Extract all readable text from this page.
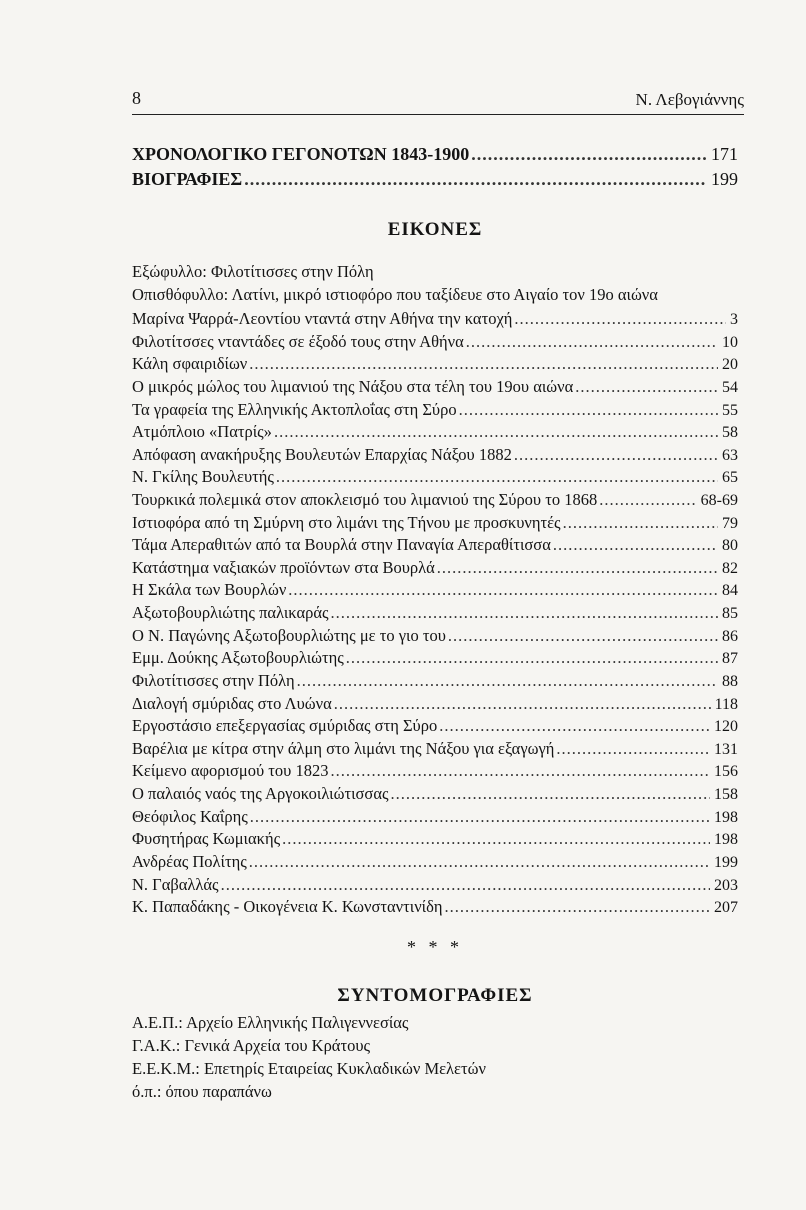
8	Ν. Λεβογιάννης
ΧΡΟΝΟΛΟΓΙΚΟ ΓΕΓΟΝΟΤΩΝ 1843-1900 .....	171
ΒΙΟΓΡΑΦΙΕΣ .....	199
ΕΙΚΟΝΕΣ
Εξώφυλλο: Φιλοτίτισσες στην Πόλη
Οπισθόφυλλο: Λατίνι, μικρό ιστιοφόρο που ταξίδευε στο Αιγαίο τον 19ο αιώνα
Μαρίνα Ψαρρά-Λεοντίου νταντά στην Αθήνα την κατοχή .....	3
Φιλοτίτσσες νταντάδες σε έξοδό τους στην Αθήνα .....	10
Κάλη σφαιριδίων .....	20
Ο μικρός μώλος του λιμανιού της Νάξου στα τέλη του 19ου αιώνα .....	54
Τα γραφεία της Ελληνικής Ακτοπλοΐας στη Σύρο .....	55
Ατμόπλοιο «Πατρίς» .....	58
Απόφαση ανακήρυξης Βουλευτών Επαρχίας Νάξου 1882 .....	63
Ν. Γκίλης Βουλευτής .....	65
Τουρκικά πολεμικά στον αποκλεισμό του λιμανιού της Σύρου το 1868 .....	68-69
Ιστιοφόρα από τη Σμύρνη στο λιμάνι της Τήνου με προσκυνητές .....	79
Τάμα Απεραθιτών από τα Βουρλά στην Παναγία Απεραθίτισσα .....	80
Κατάστημα ναξιακών προϊόντων στα Βουρλά .....	82
Η Σκάλα των Βουρλών .....	84
Αξωτοβουρλιώτης παλικαράς .....	85
Ο Ν. Παγώνης Αξωτοβουρλιώτης με το γιο του .....	86
Εμμ. Δούκης Αξωτοβουρλιώτης .....	87
Φιλοτίτισσες στην Πόλη .....	88
Διαλογή σμύριδας στο Λυώνα .....	118
Εργοστάσιο επεξεργασίας σμύριδας στη Σύρο .....	120
Βαρέλια με κίτρα στην άλμη στο λιμάνι της Νάξου για εξαγωγή .....	131
Κείμενο αφορισμού του 1823 .....	156
Ο παλαιός ναός της Αργοκοιλιώτισσας .....	158
Θεόφιλος Καΐρης .....	198
Φυσητήρας Κωμιακής .....	198
Ανδρέας Πολίτης .....	199
Ν. Γαβαλλάς .....	203
Κ. Παπαδάκης - Οικογένεια Κ. Κωνσταντινίδη .....	207
* * *
ΣΥΝΤΟΜΟΓΡΑΦΙΕΣ
Α.Ε.Π.: Αρχείο Ελληνικής Παλιγεννεσίας
Γ.Α.Κ.: Γενικά Αρχεία του Κράτους
Ε.Ε.Κ.Μ.: Επετηρίς Εταιρείας Κυκλαδικών Μελετών
ό.π.: όπου παραπάνω
